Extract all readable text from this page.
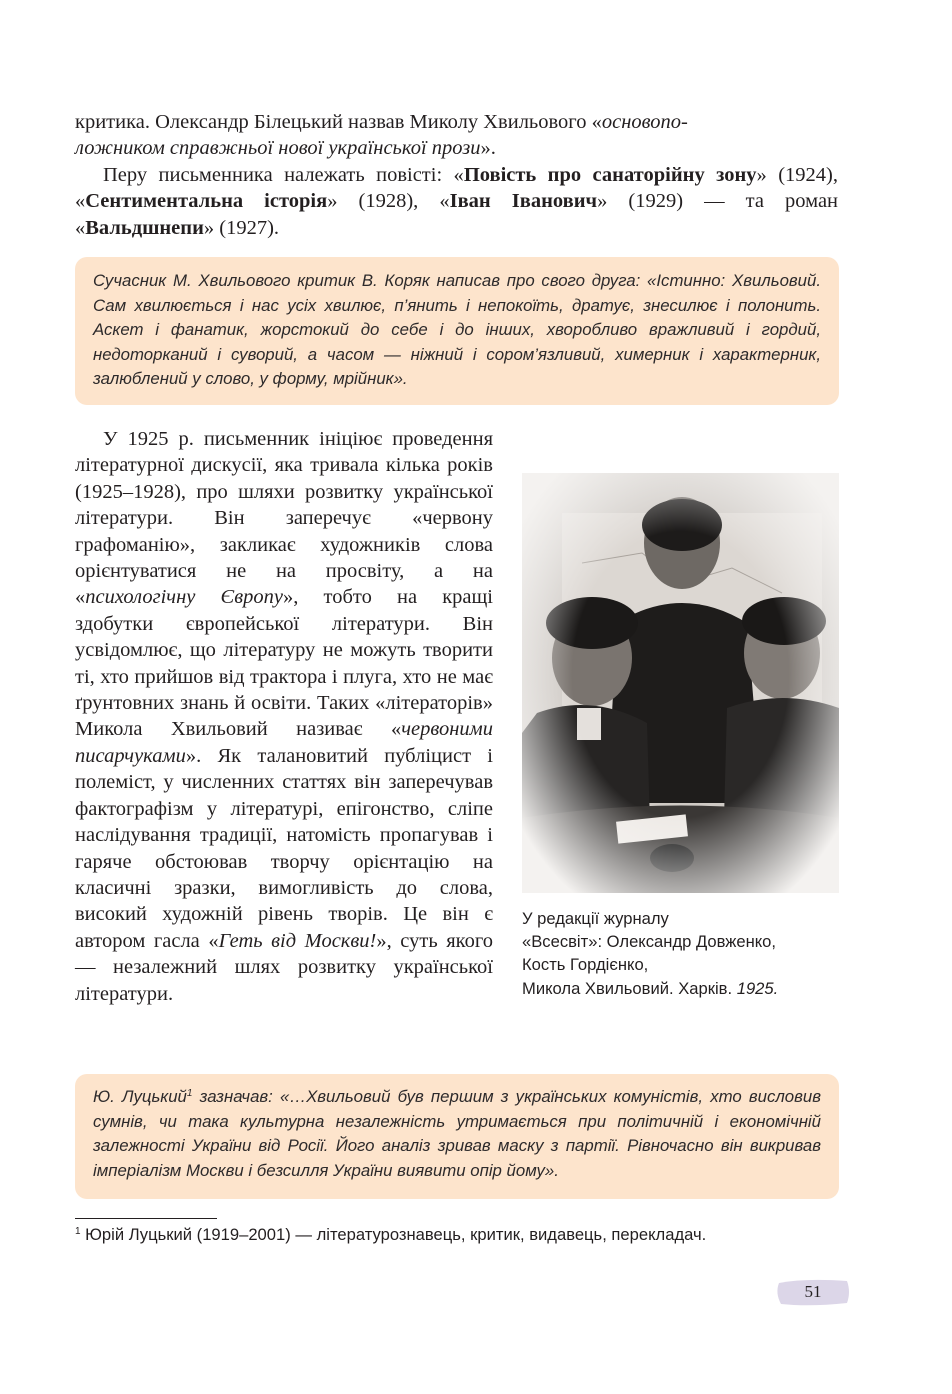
критика. Олександр Білецький назвав Миколу Хвильового «основопо-
ложником справжньої нової української прози».
Перу письменника належать повісті: «Повість про санаторійну зону» (1924), «Сентиментальна історія» (1928), «Іван Іванович» (1929) — та роман «Вальдшнепи» (1927).
Сучасник М. Хвильового критик В. Коряк написав про свого друга: «Істинно: Хвильовий. Сам хвилюється і нас усіх хвилює, п’янить і непокоїть, дратує, знесилює і полонить. Аскет і фанатик, жорстокий до себе і до інших, хворобливо вражливий і гордий, недоторканий і суворий, а часом — ніжний і сором’язливий, химерник і характерник, залюблений у слово, у форму, мрійник».
У 1925 р. письменник ініціює проведення літературної дискусії, яка тривала кілька років (1925–1928), про шляхи розвитку української літератури. Він заперечує «червону графоманію», закликає художників слова орієнтуватися не на просвіту, а на «психологічну Європу», тобто на кращі здобутки європейської літератури. Він усвідомлює, що літературу не можуть творити ті, хто прийшов від трактора і плуга, хто не має ґрунтовних знань й освіти. Таких «літераторів» Микола Хвильовий називає «червоними писарчуками». Як талановитий публіцист і полеміст, у численних статтях він заперечував фактографізм у літературі, епігонство, сліпе наслідування традиції, натомість пропагував і гаряче обстоював творчу орієнтацію на класичні зразки, вимогливість до слова, високий художній рівень творів. Це він є автором гасла «Геть від Москви!», суть якого — незалежний шлях розвитку української літератури.
У редакції журналу
«Всесвіт»: Олександр Довженко,
Кость Гордієнко,
Микола Хвильовий. Харків. 1925.
Ю. Луцький$^1$ зазначав: «…Хвильовий був першим з українських комуністів, хто висловив сумнів, чи така культурна незалежність утримається при політичній і економічній залежності України від Росії. Його аналіз зривав маску з партії. Рівночасно він викривав імперіалізм Москви і безсилля України виявити опір йому».
$^1$ Юрій Луцький (1919–2001) — літературознавець, критик, видавець, перекладач.
51
